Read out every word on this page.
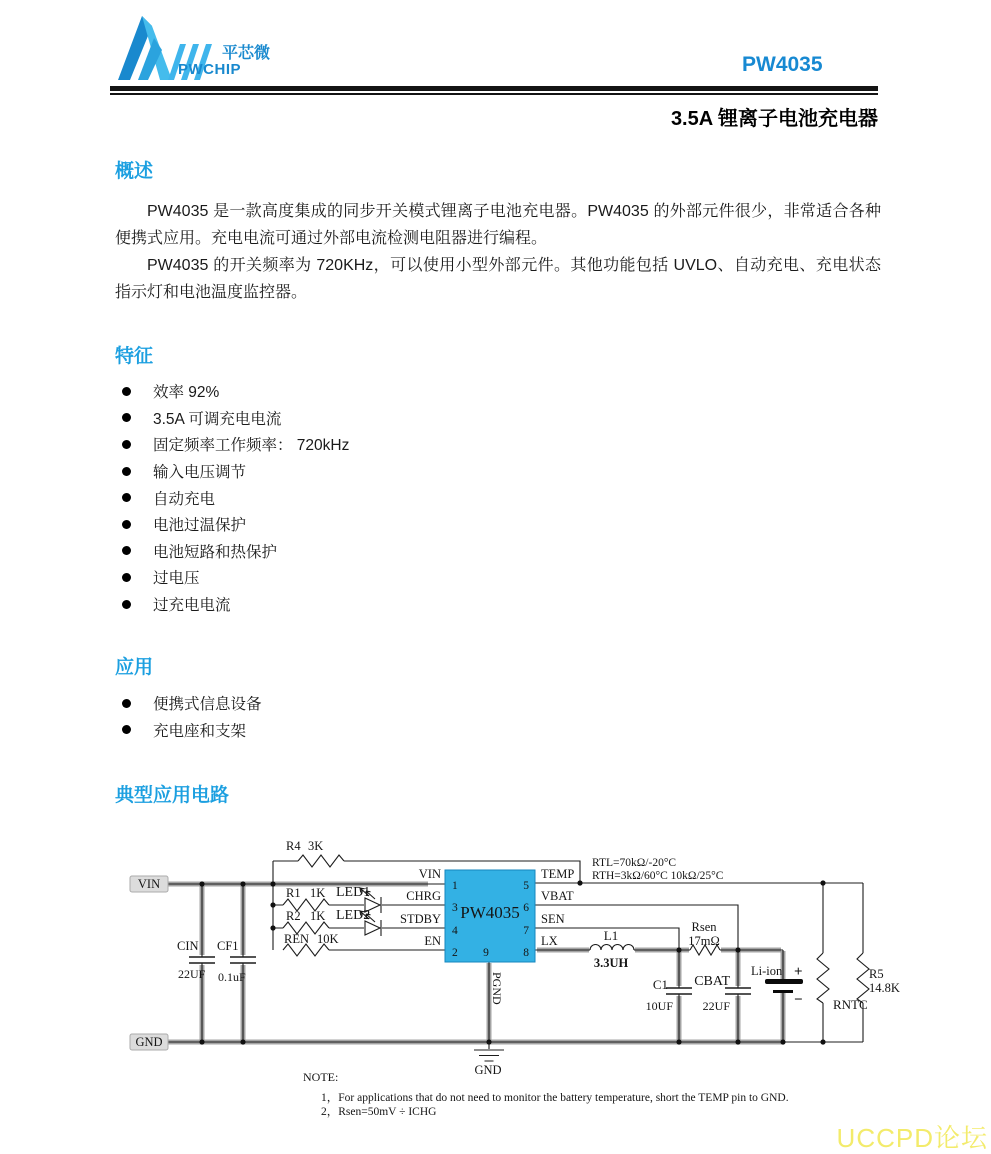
平芯微
PWCHIP	PW4035
3.5A 锂离子电池充电器
概述

PW4035 是一款高度集成的同步开关模式锂离子电池充电器。PW4035 的外部元件很少，非常适合各种便携式应用。充电电流可通过外部电流检测电阻器进行编程。

PW4035 的开关频率为 720KHz，可以使用小型外部元件。其他功能包括 UVLO、自动充电、充电状态指示灯和电池温度监控器。

特征
效率 92%
3.5A 可调充电电流
固定频率工作频率： 720kHz
输入电压调节
自动充电
电池过温保护
电池短路和热保护
过电压
过充电电流
应用
便携式信息设备
充电座和支架
典型应用电路
R4 3K
R1 1K
R2 1K
REN 10K
Rsen
17mΩ
RNTC
R5
14.8K
LED1
LED2
CIN
22UF
CF1
0.1uF	C1
10UF
CBAT
22UF
L1
3.3UH
Li-ion +
−
PW4035
1
3
4
2
5
6
7
8
9
VIN
CHRG
STDBY
EN
TEMP
VBAT
SEN
LX
PGND
RTL=70kΩ/-20°C
RTH=3kΩ/60°C 10kΩ/25°C
VIN
GND
GND
NOTE:
1，For applications that do not need to monitor the battery temperature, short the TEMP pin to GND.
2，Rsen=50mV ÷ ICHG
UCCPD论坛
